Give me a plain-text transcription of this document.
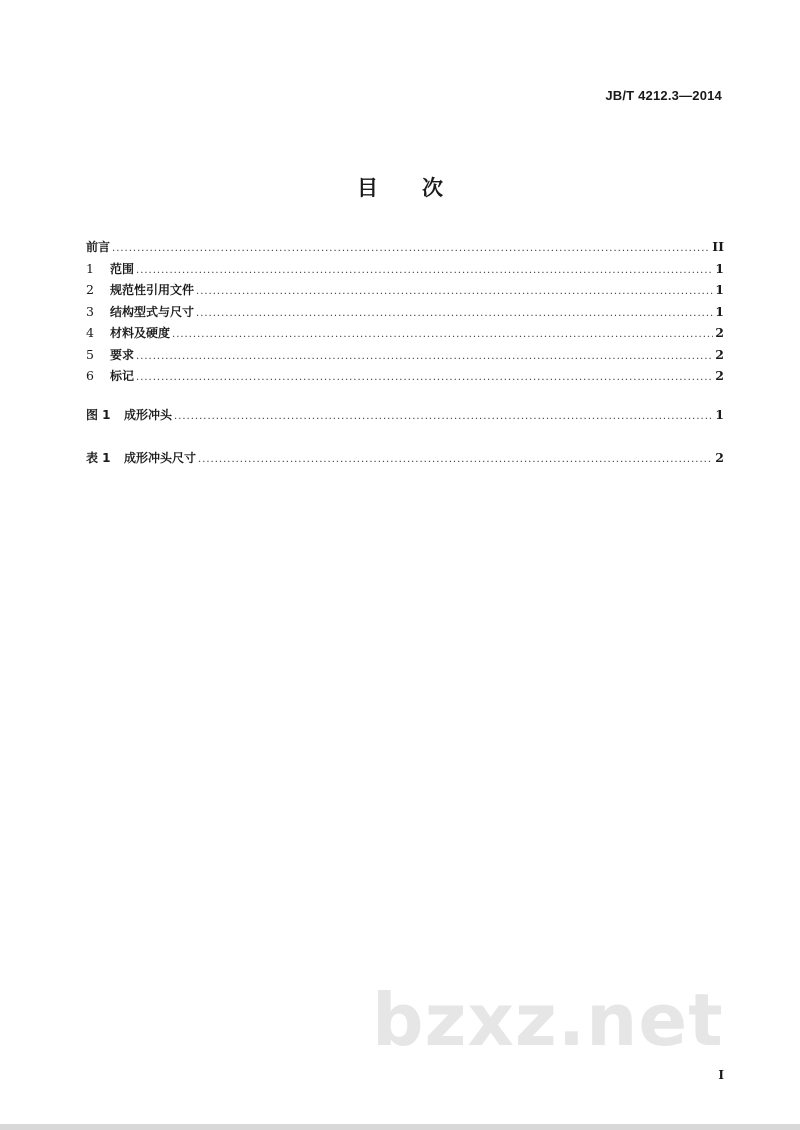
JB/T 4212.3—2014
目 次
前言 .....	II
1	范围 .....	1
2	规范性引用文件 .....	1
3	结构型式与尺寸 .....	1
4	材料及硬度 .....	2
5	要求 .....	2
6	标记 .....	2
图 1	成形冲头 .....	1
表 1	成形冲头尺寸 .....	2
bzxz.net
I
